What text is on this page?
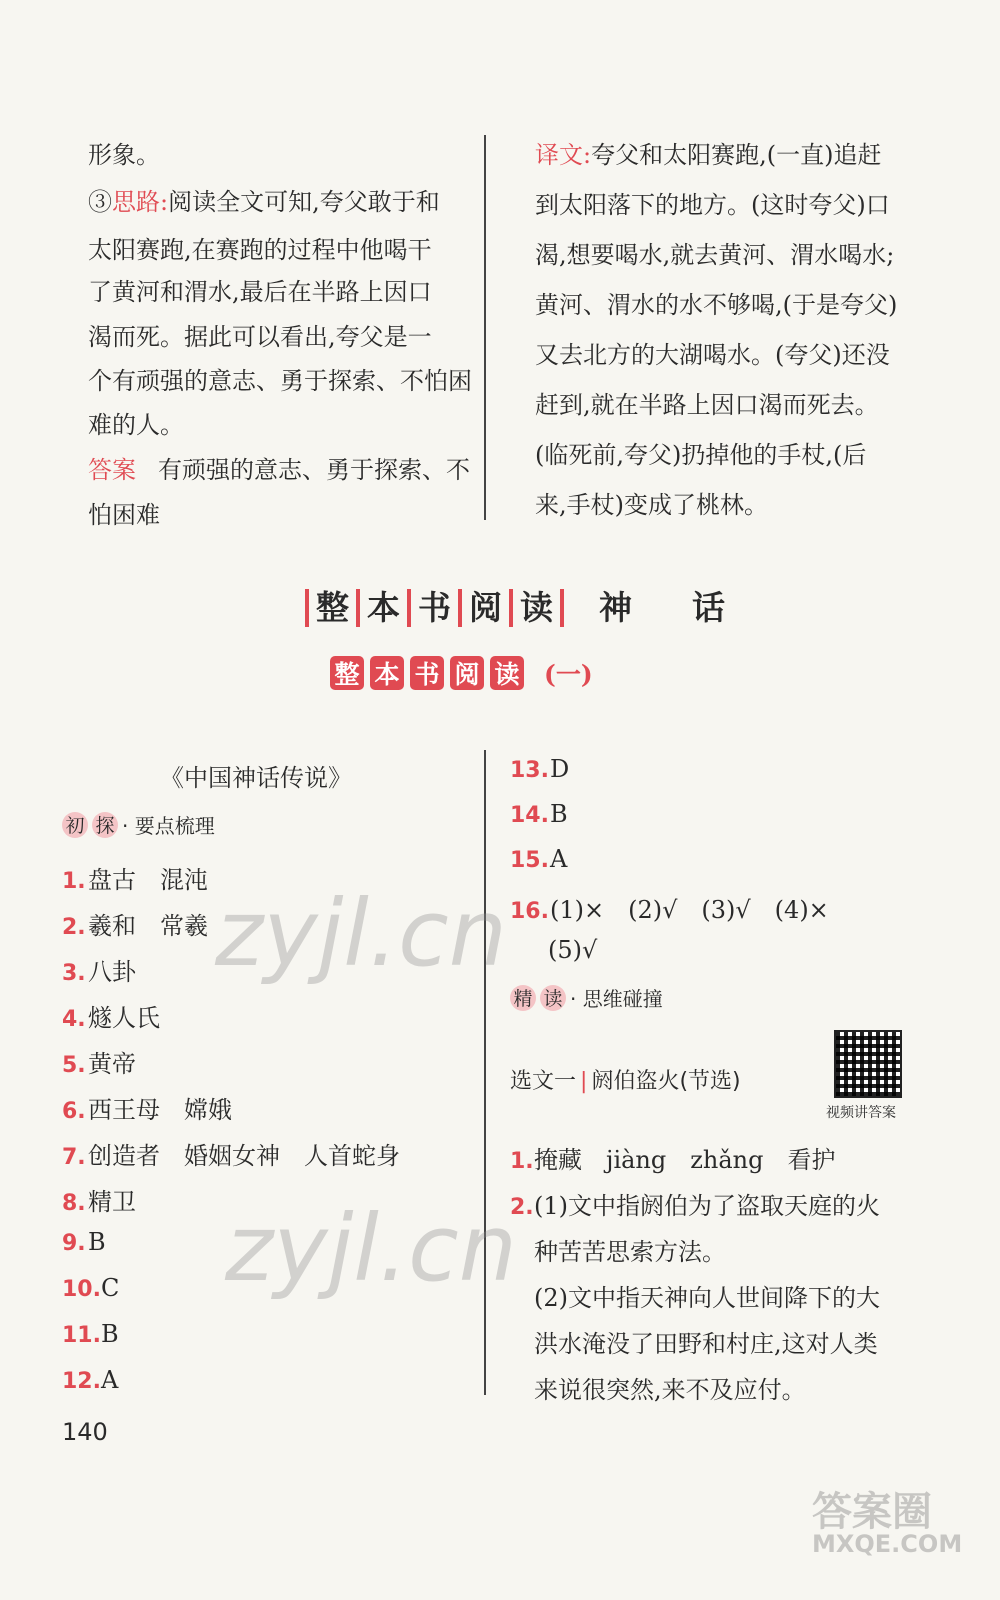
形象。
③思路:阅读全文可知,夸父敢于和
太阳赛跑,在赛跑的过程中他喝干
了黄河和渭水,最后在半路上因口
渴而死。据此可以看出,夸父是一
个有顽强的意志、勇于探索、不怕困
难的人。
答案 有顽强的意志、勇于探索、不
怕困难
译文:夸父和太阳赛跑,(一直)追赶
到太阳落下的地方。(这时夸父)口
渴,想要喝水,就去黄河、渭水喝水;
黄河、渭水的水不够喝,(于是夸父)
又去北方的大湖喝水。(夸父)还没
赶到,就在半路上因口渴而死去。
(临死前,夸父)扔掉他的手杖,(后
来,手杖)变成了桃林。
整 本 书 阅 读	神	话
整 本 书 阅 读 (一)
《中国神话传说》
初 探 · 要点梳理
1.盘古　混沌
2.羲和　常羲
3.八卦
4.燧人氏
5.黄帝
6.西王母　嫦娥
7.创造者　婚姻女神　人首蛇身
8.精卫
9.B
10.C
11.B
12.A
13.D
14.B
15.A
16.(1)×　(2)√　(3)√　(4)×
(5)√
精 读 · 思维碰撞
选文一 | 阏伯盗火(节选)
视频讲答案
1.掩藏　jiàng　zhǎng　看护
2.(1)文中指阏伯为了盗取天庭的火
种苦苦思索方法。
(2)文中指天神向人世间降下的大
洪水淹没了田野和村庄,这对人类
来说很突然,来不及应付。
140
zyjl.cn
zyjl.cn
答案圈
MXQE.COM
